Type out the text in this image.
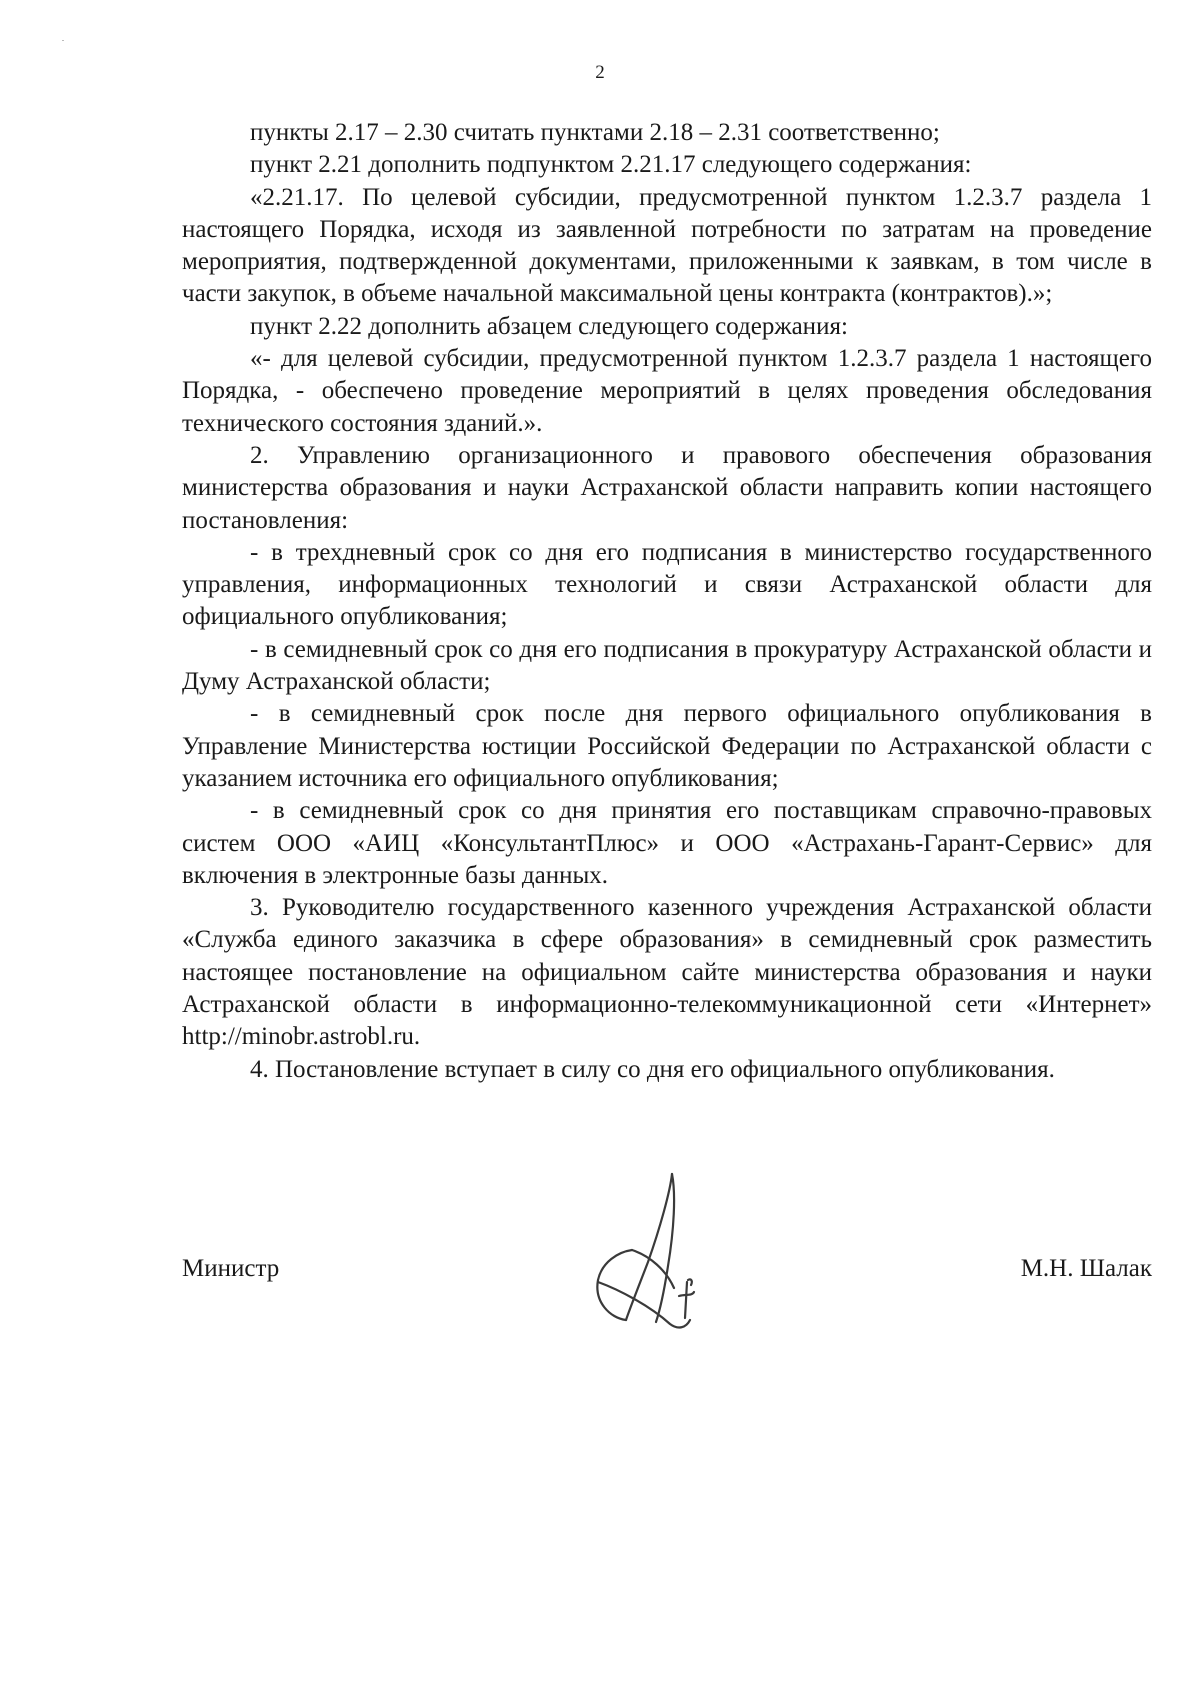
2

пункты 2.17 – 2.30 считать пунктами 2.18 – 2.31 соответственно;

пункт 2.21 дополнить подпунктом 2.21.17 следующего содержания:

«2.21.17. По целевой субсидии, предусмотренной пунктом 1.2.3.7 раздела 1 настоящего Порядка, исходя из заявленной потребности по затратам на проведение мероприятия, подтвержденной документами, приложенными к заявкам, в том числе в части закупок, в объеме начальной максимальной цены контракта (контрактов).»;

пункт 2.22 дополнить абзацем следующего содержания:

«- для целевой субсидии, предусмотренной пунктом 1.2.3.7 раздела 1 настоящего Порядка, - обеспечено проведение мероприятий в целях проведения обследования технического состояния зданий.».

2. Управлению организационного и правового обеспечения образования министерства образования и науки Астраханской области направить копии настоящего постановления:

- в трехдневный срок со дня его подписания в министерство государственного управления, информационных технологий и связи Астраханской области для официального опубликования;

- в семидневный срок со дня его подписания в прокуратуру Астраханской области и Думу Астраханской области;

- в семидневный срок после дня первого официального опубликования в Управление Министерства юстиции Российской Федерации по Астраханской области с указанием источника его официального опубликования;

- в семидневный срок со дня принятия его поставщикам справочно-правовых систем ООО «АИЦ «КонсультантПлюс» и ООО «Астрахань-Гарант-Сервис» для включения в электронные базы данных.

3. Руководителю государственного казенного учреждения Астраханской области «Служба единого заказчика в сфере образования» в семидневный срок разместить настоящее постановление на официальном сайте министерства образования и науки Астраханской области в информационно-телекоммуникационной сети «Интернет» http://minobr.astrobl.ru.

4. Постановление вступает в силу со дня его официального опубликования.

Министр	М.Н. Шалак
